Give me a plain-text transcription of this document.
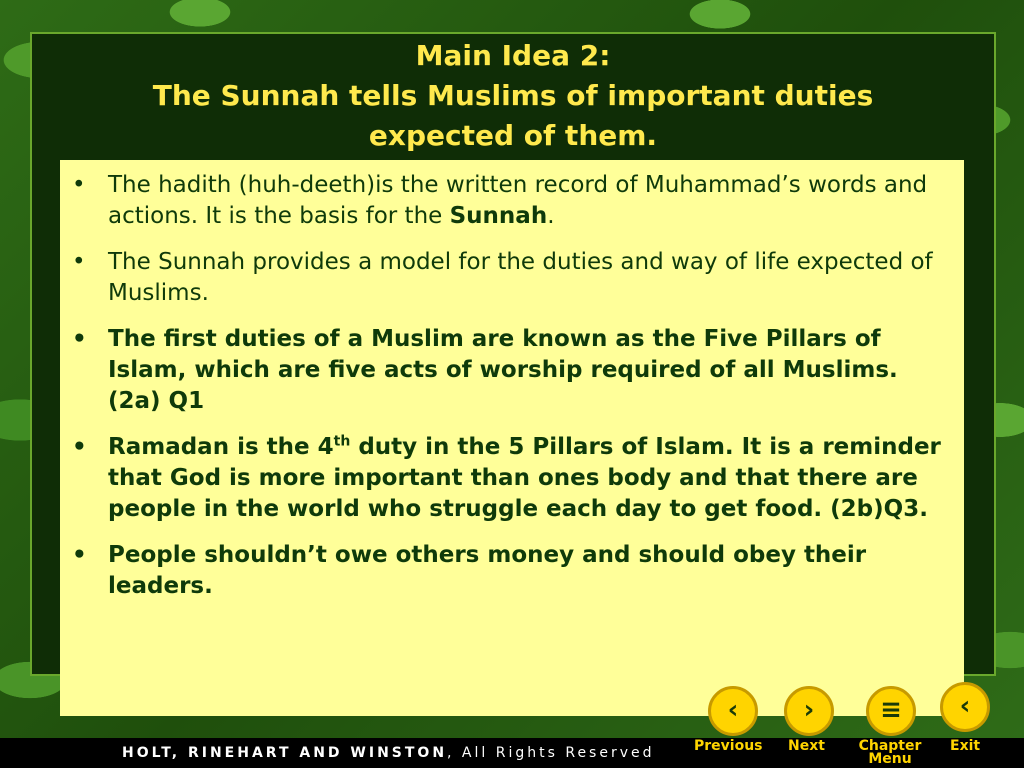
Main Idea 2:
The Sunnah tells Muslims of important duties
expected of them.
• The hadith (huh-deeth)is the written record of Muhammad’s words and actions. It is the basis for the Sunnah.
• The Sunnah provides a model for the duties and way of life expected of Muslims.
• The first duties of a Muslim are known as the Five Pillars of Islam, which are five acts of worship required of all Muslims. (2a) Q1
• Ramadan is the 4th duty in the 5 Pillars of Islam. It is a reminder that God is more important than ones body and that there are people in the world who struggle each day to get food. (2b)Q3.
• People shouldn’t owe others money and should obey their leaders.
‹	›	≡	‹
HOLT, RINEHART AND WINSTON, All Rights Reserved	Previous Next Chapter
Menu
Exit
